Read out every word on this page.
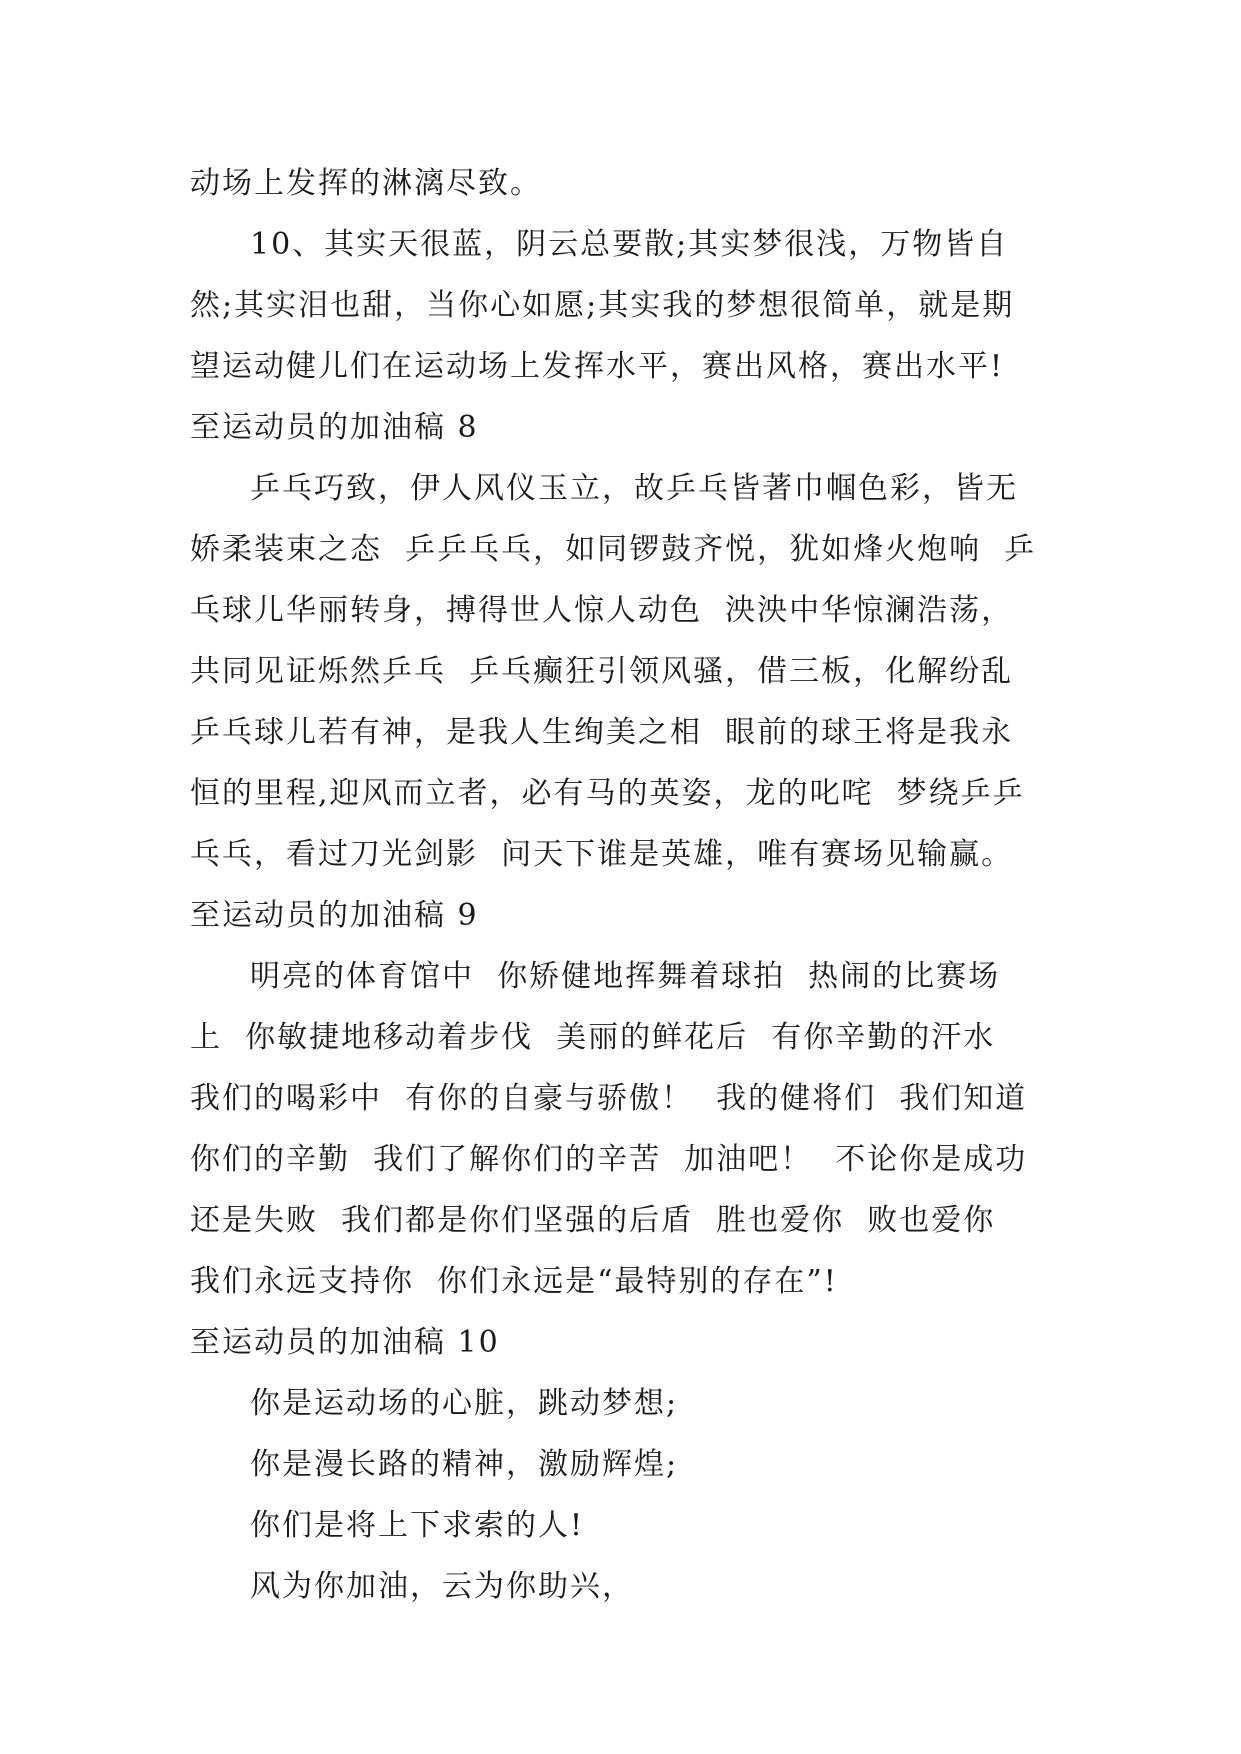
动场上发挥的淋漓尽致。
10、其实天很蓝，阴云总要散;其实梦很浅，万物皆自
然;其实泪也甜，当你心如愿;其实我的梦想很简单，就是期
望运动健儿们在运动场上发挥水平，赛出风格，赛出水平!
至运动员的加油稿 8
乒乓巧致，伊人风仪玉立，故乒乓皆著巾帼色彩，皆无
娇柔装束之态  乒乒乓乓，如同锣鼓齐悦，犹如烽火炮响  乒
乓球儿华丽转身，搏得世人惊人动色  泱泱中华惊澜浩荡，
共同见证烁然乒乓  乒乓癫狂引领风骚，借三板，化解纷乱
乒乓球儿若有神，是我人生绚美之相  眼前的球王将是我永
恒的里程,迎风而立者，必有马的英姿，龙的叱咤  梦绕乒乒
乓乓，看过刀光剑影  问天下谁是英雄，唯有赛场见输赢。
至运动员的加油稿 9
明亮的体育馆中  你矫健地挥舞着球拍  热闹的比赛场
上  你敏捷地移动着步伐  美丽的鲜花后  有你辛勤的汗水
我们的喝彩中  有你的自豪与骄傲！  我的健将们  我们知道
你们的辛勤  我们了解你们的辛苦  加油吧！  不论你是成功
还是失败  我们都是你们坚强的后盾  胜也爱你  败也爱你
我们永远支持你  你们永远是“最特别的存在”!
至运动员的加油稿 10
你是运动场的心脏，跳动梦想;
你是漫长路的精神，激励辉煌;
你们是将上下求索的人!
风为你加油，云为你助兴，
